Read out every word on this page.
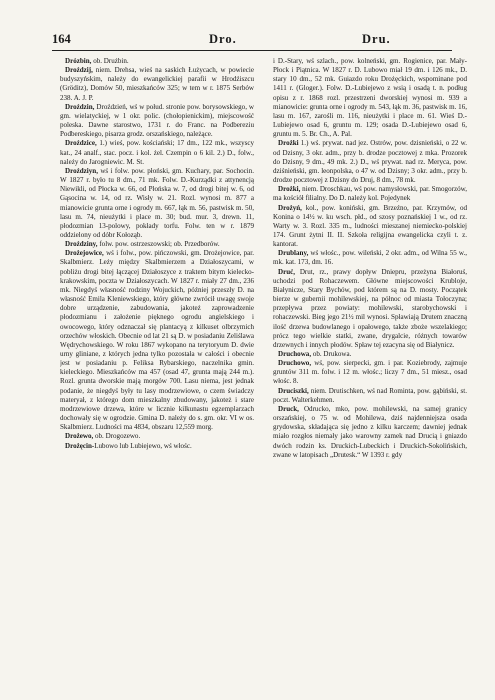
164	Dro.	Dru.

Drózbin, ob. Drużbin.

Droździj, niem. Drehsa, wieś na saskich Łużycach, w powiecie budyszyńskim, należy do ewangelickiej parafii w Hrodźiszcu (Gröditz), Domów 50, mieszkańców 325; w tem w r. 1875 Serbów 238. A. J. P.

Droździn, Droździeń, wś w połud. stronie pow. borysowskiego, w gm. wielatyckiej, w 1 okr. polic. (chołopienickim), miejscowość poleska. Dawne starostwo, 1731 r. do Franc. na Podbereziu Podbereskiego, pisarza grodz. orszańskiego, należące.

Droździce, 1.) wieś, pow. kościański; 17 dm., 122 mk., wszyscy kat., 24 analf., stac. pocz. i kol. żel. Czempin o 6 kil. 2.) D., folw., należy do Jarogniewic. M. St.

Droździyn, wś i folw. pow. płoński, gm. Kuchary, par. Sochocin. W 1827 r. było tu 8 dm., 71 mk. Folw. D.-Kurządki z attynencją Niewikli, od Płocka w. 66, od Płońska w. 7, od drogi bitej w. 6, od Gąsocina w. 14, od rz. Wisły w. 21. Rozl. wynosi m. 877 a mianowicie grunta orne i ogrody m. 667, łąk m. 56, pastwisk m. 50, lasu m. 74, nieużytki i place m. 30; bud. mur. 3, drewn. 11, płodozmian 13-polowy, pokłady torfu. Folw. ten w r. 1879 oddzielony od dóbr Kołoząb.

Droździny, folw. pow. ostrzeszowski; ob. Przedborów.

Drożejowice, wś i folw., pow. pińczowski, gm. Drożejowice, par. Skalbmierz. Leży między Skalbmierzem a Działoszycami, w pobliżu drogi bitej łączącej Działoszyce z traktem bitym kielecko-krakowskim, poczta w Działoszycach. W 1827 r. miały 27 dm., 236 mk. Niegdyś własność rodziny Wojuckich, później przeszły D. na własność Emila Kleniewskiego, który główne zwrócił uwagę swoje dobre urządzenie, zabudowania, jakoteż zaprowadzenie płodozmianu i założenie pięknego ogrodu angielskiego i owocowego, który odznaczał się plantacyą z kilkuset olbrzymich orzechów włoskich. Obecnie od lat 21 są D. w posiadaniu Zeliślawa Wędrychowskiego. W roku 1867 wykopano na terytoryum D. dwie urny gliniane, z których jedna tylko pozostała w całości i obecnie jest w posiadaniu p. Feliksa Rybarskiego, naczelnika gmin. kieleckiego. Mieszkańców ma 457 (osad 47, grunta mają 244 m.). Rozl. grunta dworskie mają morgów 700. Lasu niema, jest jednak podanie, że niegdyś były tu lasy modrzewiowe, o czem świadczy materyał, z którego dom mieszkalny zbudowany, jakoteż i stare modrzewiowe drzewa, które w licznie kilkunastu egzemplarzach dochowały się w ogrodzie. Gmina D. należy do s. gm. okr. VI w os. Skalbmierz. Ludności ma 4834, obszaru 12,559 morg.

Drożewo, ob. Drogozewo.

Drożęcin-Lubowo lub Lubiejewo, wś włośc.

i D.-Stary, wś szlach., pow. kolneński, gm. Rogienice, par. Mały-Płock i Piątnica. W 1827 r. D. Lubowo miał 19 dm. i 126 mk., D. stary 10 dm., 52 mk. Guiazdo roku Drożęckich, wspominane pod 1411 r. (Gloger.). Folw. D.-Lubiejewo z wsią i osadą t. n. podług opisu z r. 1868 rozl. przestrzeni dworskiej wynosi m. 939 a mianowicie: grunta orne i ogrody m. 543, łąk m. 36, pastwisk m. 16, lasu m. 167, zarośli m. 116, nieużytki i place m. 61. Wieś D.-Lubiejewo osad 6, gruntu m. 129; osada D.-Lubiejewo osad 6, gruntu m. 5. Br. Ch., A. Pal.

Drożki 1.) wś. prywat. nad jez. Ostrów, pow. dzisnieński, o 22 w. od Dzisny, 3 okr. adm., przy b. drodze pocztowej z mka. Prozorek do Dzisny, 9 dm., 49 mk. 2.) D., wś prywat. nad rz. Meryca, pow. dziśnieński, gm. leonpolska, o 47 w. od Dzisny; 3 okr. adm., przy b. drodze pocztowej z Dzisny do Druj, 8 dm., 78 mk.

Drożki, niem. Droschkau, wś pow. namysłowski, par. Smogorzów, ma kościół filialny. Do D. należy kol. Pojedynek

Drożyń, kol., pow. koniński, gm. Brzeźno, par. Krzymów, od Konina o 14½ w. ku wsch. płd., od szosy poznańskiej 1 w., od rz. Warty w. 3. Rozl. 335 m., ludności mieszanej niemiecko-polskiej 174. Grunt żytni II. II. Szkoła religijna ewangelicka czyli t. z. kantorat.

Drublany, wś włośc., pow. wileński, 2 okr. adm., od Wilna 55 w., mk. kat. 173, dm. 16.

Druć, Drut, rz., prawy dopływ Dniepru, przeżyna Białoruś, uchodzi pod Rohaczewem. Główne miejscowości Krubloje, Białynicze, Stary Bychów, pod którem są na D. mosty. Początek bierze w gubernii mohilewskiej, na północ od miasta Tołoczyna; przepływa przez powiaty: mohilewski, starobychowski i rohaczewski. Bieg jego 21½ mil wynosi. Spławiają Drutem znaczną ilość drzewa budowlanego i opałowego, także zboże wszelakiego; prócz tego wielkie statki, zwane, drygalcie, różnych towarów drzewnych i innych płodów. Spław tej ezacyna się od Białynicz.

Druchowa, ob. Drukowa.

Druchowo, wś, pow. sierpecki, gm. i par. Koziebrody, zajmuje gruntów 311 m. folw. i 12 m. włośc.; liczy 7 dm., 51 miesz., osad włośc. 8.

Druciszki, niem. Drutischken, wś nad Rominta, pow. gąbiński, st. poczt. Walterkehmen.

Druck, Odrucko, mko, pow. mohilewski, na samej granicy orszańskiej, o 75 w. od Mohilewa, dziś najdenniejsza osada grydowska, składająca się jedno z kilku karczem; dawniej jednak miało rozgłos niemały jako warowny zamek nad Drucią i gniazdo dwóch rodzin ks. Druckich-Lubeckich i Druckich-Sokolińskich, zwane w latopisach „Drutesk.“ W 1393 r. gdy
